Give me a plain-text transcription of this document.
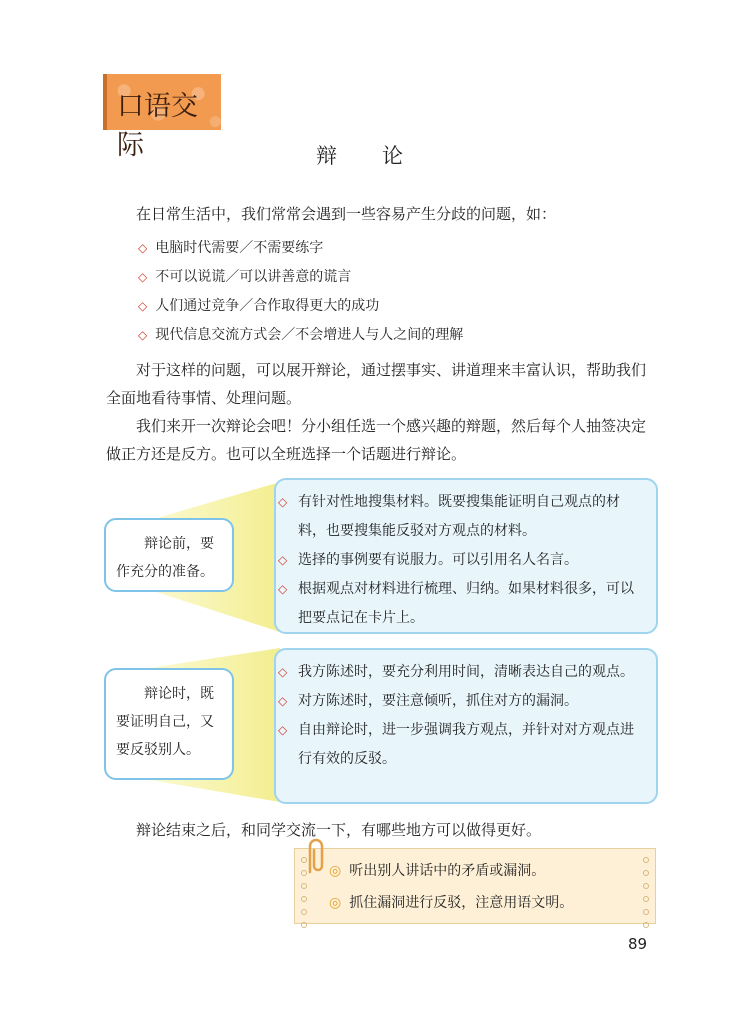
口语交际	辩　论

在日常生活中，我们常常会遇到一些容易产生分歧的问题，如：

◇ 电脑时代需要／不需要练字
◇ 不可以说谎／可以讲善意的谎言
◇ 人们通过竞争／合作取得更大的成功
◇ 现代信息交流方式会／不会增进人与人之间的理解

对于这样的问题，可以展开辩论，通过摆事实、讲道理来丰富认识，帮助我们全面地看待事情、处理问题。

我们来开一次辩论会吧！分小组任选一个感兴趣的辩题，然后每个人抽签决定做正方还是反方。也可以全班选择一个话题进行辩论。

◇ 有针对性地搜集材料。既要搜集能证明自己观点的材料，也要搜集能反驳对方观点的材料。
◇ 选择的事例要有说服力。可以引用名人名言。
◇ 根据观点对材料进行梳理、归纳。如果材料很多，可以把要点记在卡片上。
辩论前，要作充分的准备。
◇ 我方陈述时，要充分利用时间，清晰表达自己的观点。
◇ 对方陈述时，要注意倾听，抓住对方的漏洞。
◇ 自由辩论时，进一步强调我方观点，并针对对方观点进行有效的反驳。
辩论时，既要证明自己，又要反驳别人。

辩论结束之后，和同学交流一下，有哪些地方可以做得更好。

◎ 听出别人讲话中的矛盾或漏洞。
◎ 抓住漏洞进行反驳，注意用语文明。
89
